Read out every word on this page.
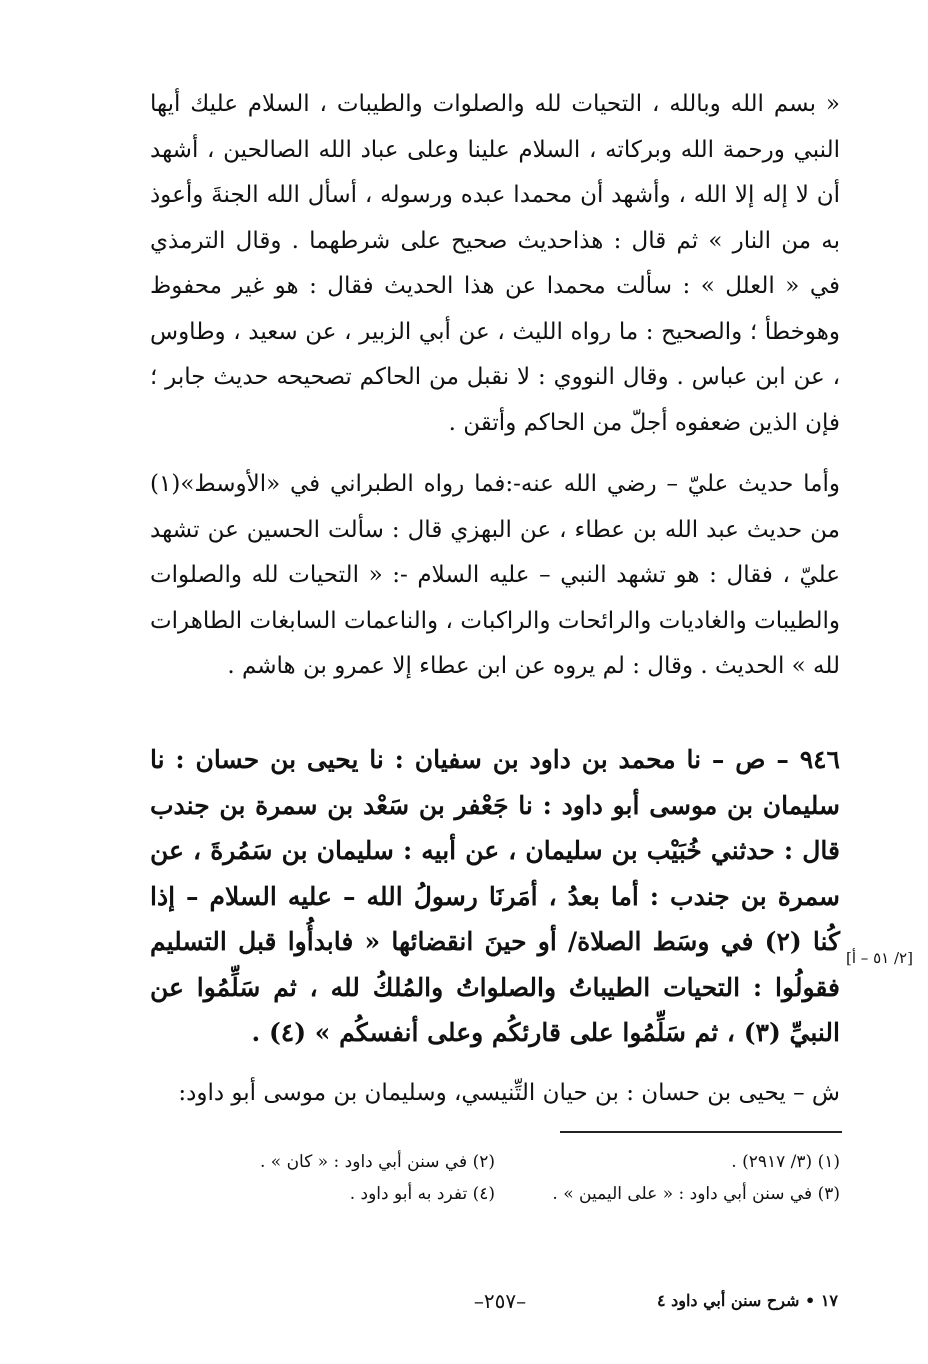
« بسم الله وبالله ، التحيات لله والصلوات والطيبات ، السلام عليك أيها النبي ورحمة الله وبركاته ، السلام علينا وعلى عباد الله الصالحين ، أشهد أن لا إله إلا الله ، وأشهد أن محمدا عبده ورسوله ، أسأل الله الجنةَ وأعوذ به من النار » ثم قال : هذاحديث صحيح على شرطهما . وقال الترمذي في « العلل » : سألت محمدا عن هذا الحديث فقال : هو غير محفوظ وهوخطأ ؛ والصحيح : ما رواه الليث ، عن أبي الزبير ، عن سعيد ، وطاوس ، عن ابن عباس . وقال النووي : لا نقبل من الحاكم تصحيحه حديث جابر ؛ فإن الذين ضعفوه أجلّ من الحاكم وأتقن .

وأما حديث عليّ – رضي الله عنه-:فما رواه الطبراني في «الأوسط»(١) من حديث عبد الله بن عطاء ، عن البهزي قال : سألت الحسين عن تشهد عليّ ، فقال : هو تشهد النبي – عليه السلام -: « التحيات لله والصلوات والطيبات والغاديات والرائحات والراكبات ، والناعمات السابغات الطاهرات لله » الحديث . وقال : لم يروه عن ابن عطاء إلا عمرو بن هاشم .

٩٤٦ – ص – نا محمد بن داود بن سفيان : نا يحيى بن حسان : نا سليمان بن موسى أبو داود : نا جَعْفر بن سَعْد بن سمرة بن جندب قال : حدثني خُبَيْب بن سليمان ، عن أبيه : سليمان بن سَمُرةَ ، عن سمرة بن جندب : أما بعدُ ، أمَرنَا رسولُ الله – عليه السلام – إذا كُنا (٢) في وسَط الصلاة/ أو حينَ انقضائها « فابدأُوا قبل التسليم فقولُوا : التحيات الطيباتُ والصلواتُ والمُلكُ لله ، ثم سَلِّمُوا عن النبيِّ (٣) ، ثم سَلِّمُوا على قارئكُم وعلى أنفسكُم » (٤) .

[٢/ ٥١ – أ]

ش – يحيى بن حسان : بن حيان التِّنيسي، وسليمان بن موسى أبو داود:

(١) (٣/ ٢٩١٧) .
(٢) في سنن أبي داود : « كان » .
(٣) في سنن أبي داود : « على اليمين » .
(٤) تفرد به أبو داود .
–٢٥٧–	١٧ • شرح سنن أبي داود ٤
